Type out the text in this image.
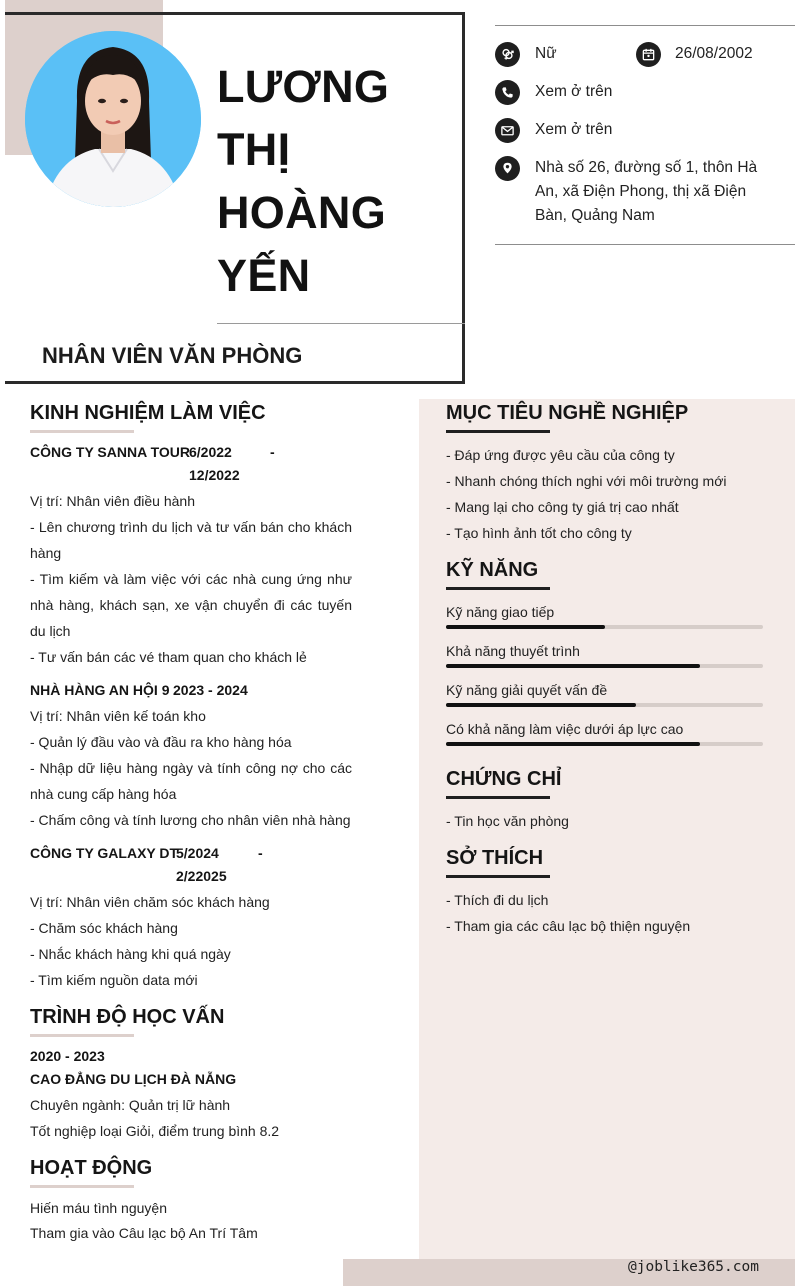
LƯƠNG
THỊ
HOÀNG
YẾN
NHÂN VIÊN VĂN PHÒNG
Nữ	26/08/2002
Xem ở trên
Xem ở trên
Nhà số 26, đường số 1, thôn Hà An, xã Điện Phong, thị xã Điện Bàn, Quảng Nam
KINH NGHIỆM LÀM VIỆC
CÔNG TY SANNA TOUR 6/2022	-
12/2022
Vị trí: Nhân viên điều hành
- Lên chương trình du lịch và tư vấn bán cho khách hàng
- Tìm kiếm và làm việc với các nhà cung ứng như nhà hàng, khách sạn, xe vận chuyển đi các tuyến du lịch
- Tư vấn bán các vé tham quan cho khách lẻ
NHÀ HÀNG AN HỘI 9 2023 - 2024
Vị trí: Nhân viên kế toán kho
- Quản lý đầu vào và đầu ra kho hàng hóa
- Nhập dữ liệu hàng ngày và tính công nợ cho các nhà cung cấp hàng hóa
- Chấm công và tính lương cho nhân viên nhà hàng
CÔNG TY GALAXY DT
5/2024	-
2/22025
Vị trí: Nhân viên chăm sóc khách hàng
- Chăm sóc khách hàng
- Nhắc khách hàng khi quá ngày
- Tìm kiếm nguồn data mới
TRÌNH ĐỘ HỌC VẤN
2020 - 2023
CAO ĐẲNG DU LỊCH ĐÀ NẴNG
Chuyên ngành: Quản trị lữ hành
Tốt nghiệp loại Giỏi, điểm trung bình 8.2
HOẠT ĐỘNG
Hiến máu tình nguyện
Tham gia vào Câu lạc bộ An Trí Tâm
MỤC TIÊU NGHỀ NGHIỆP
- Đáp ứng được yêu cầu của công ty
- Nhanh chóng thích nghi với môi trường mới
- Mang lại cho công ty giá trị cao nhất
- Tạo hình ảnh tốt cho công ty
KỸ NĂNG
Kỹ năng giao tiếp
Khả năng thuyết trình
Kỹ năng giải quyết vấn đề
Có khả năng làm việc dưới áp lực cao
CHỨNG CHỈ
- Tin học văn phòng
SỞ THÍCH
- Thích đi du lịch
- Tham gia các câu lạc bộ thiện nguyện
@joblike365.com
